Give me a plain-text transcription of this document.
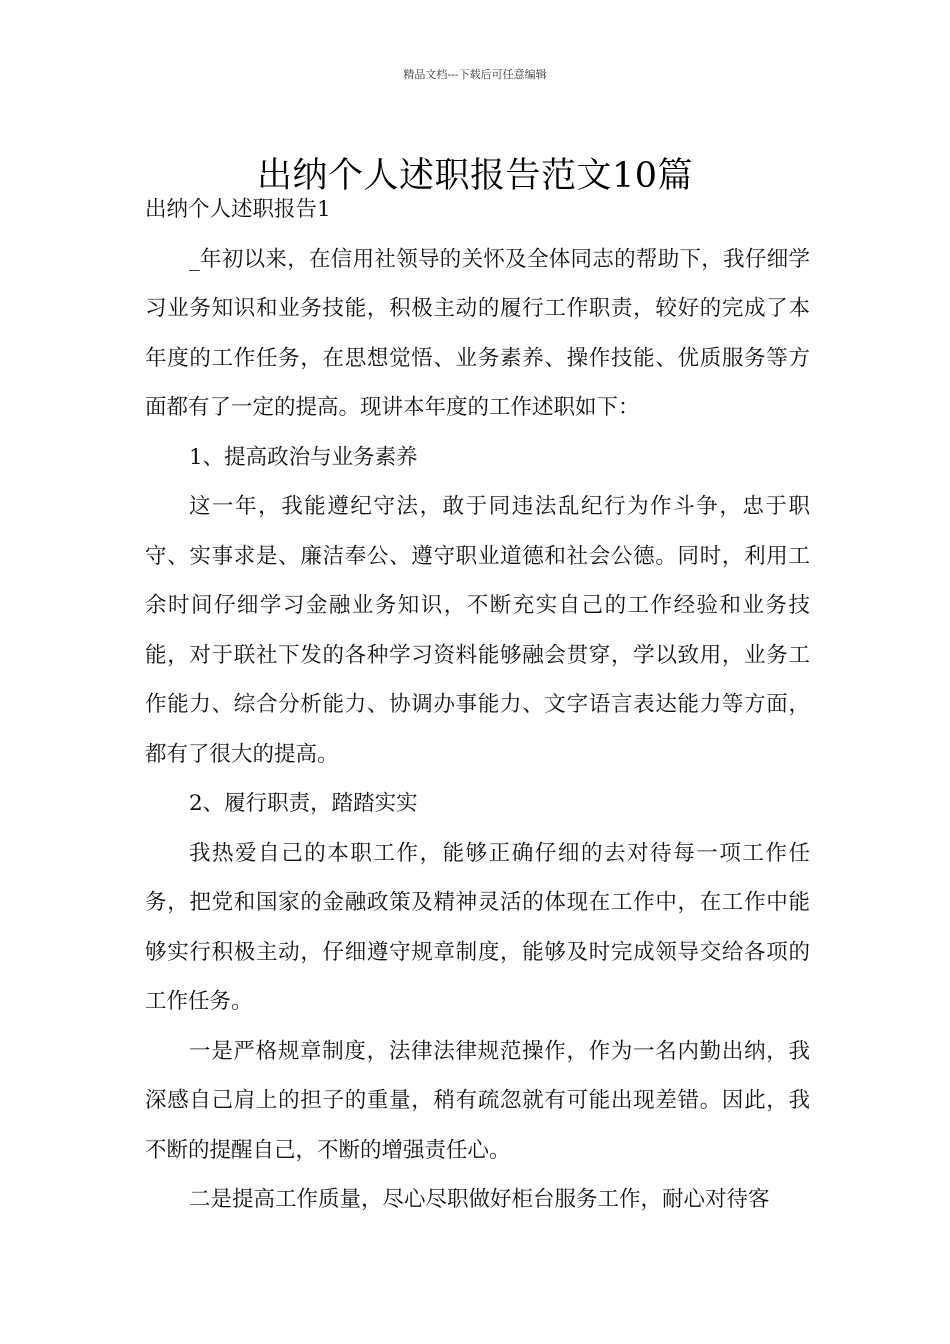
精品文档---下载后可任意编辑
出纳个人述职报告范文10篇

出纳个人述职报告1

_年初以来，在信用社领导的关怀及全体同志的帮助下，我仔细学习业务知识和业务技能，积极主动的履行工作职责，较好的完成了本年度的工作任务，在思想觉悟、业务素养、操作技能、优质服务等方面都有了一定的提高。现讲本年度的工作述职如下：

1、提高政治与业务素养

这一年，我能遵纪守法，敢于同违法乱纪行为作斗争，忠于职守、实事求是、廉洁奉公、遵守职业道德和社会公德。同时，利用工余时间仔细学习金融业务知识，不断充实自己的工作经验和业务技能，对于联社下发的各种学习资料能够融会贯穿，学以致用，业务工作能力、综合分析能力、协调办事能力、文字语言表达能力等方面，都有了很大的提高。

2、履行职责，踏踏实实

我热爱自己的本职工作，能够正确仔细的去对待每一项工作任务，把党和国家的金融政策及精神灵活的体现在工作中，在工作中能够实行积极主动，仔细遵守规章制度，能够及时完成领导交给各项的工作任务。

一是严格规章制度，法律法律规范操作，作为一名内勤出纳，我深感自己肩上的担子的重量，稍有疏忽就有可能出现差错。因此，我不断的提醒自己，不断的增强责任心。

二是提高工作质量，尽心尽职做好柜台服务工作，耐心对待客
